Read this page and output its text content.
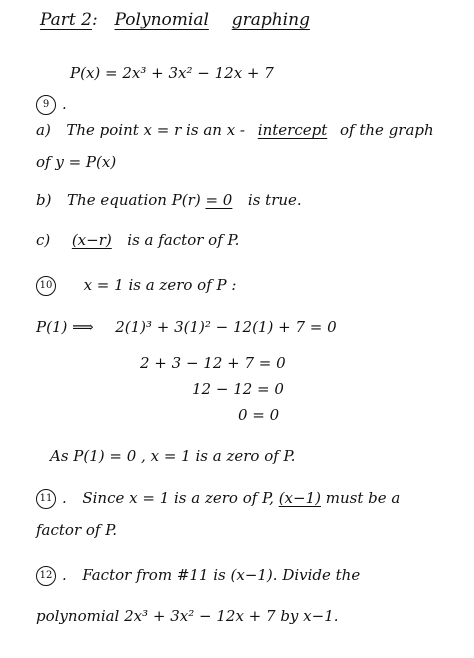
Part 2: Polynomial graphing
P(x) = 2x³ + 3x² − 12x + 7
9 .
a) The point x = r is an x - intercept of the graph
of y = P(x)
b) The equation P(r) = 0 is true.
c) (x−r) is a factor of P.
10 x = 1 is a zero of P :
P(1) ⟹ 2(1)³ + 3(1)² − 12(1) + 7 = 0
2 + 3 − 12 + 7 = 0
12 − 12 = 0
0 = 0
As P(1) = 0 , x = 1 is a zero of P.
11 . Since x = 1 is a zero of P, (x−1) must be a
factor of P.
12 . Factor from #11 is (x−1). Divide the
polynomial 2x³ + 3x² − 12x + 7 by x−1.
